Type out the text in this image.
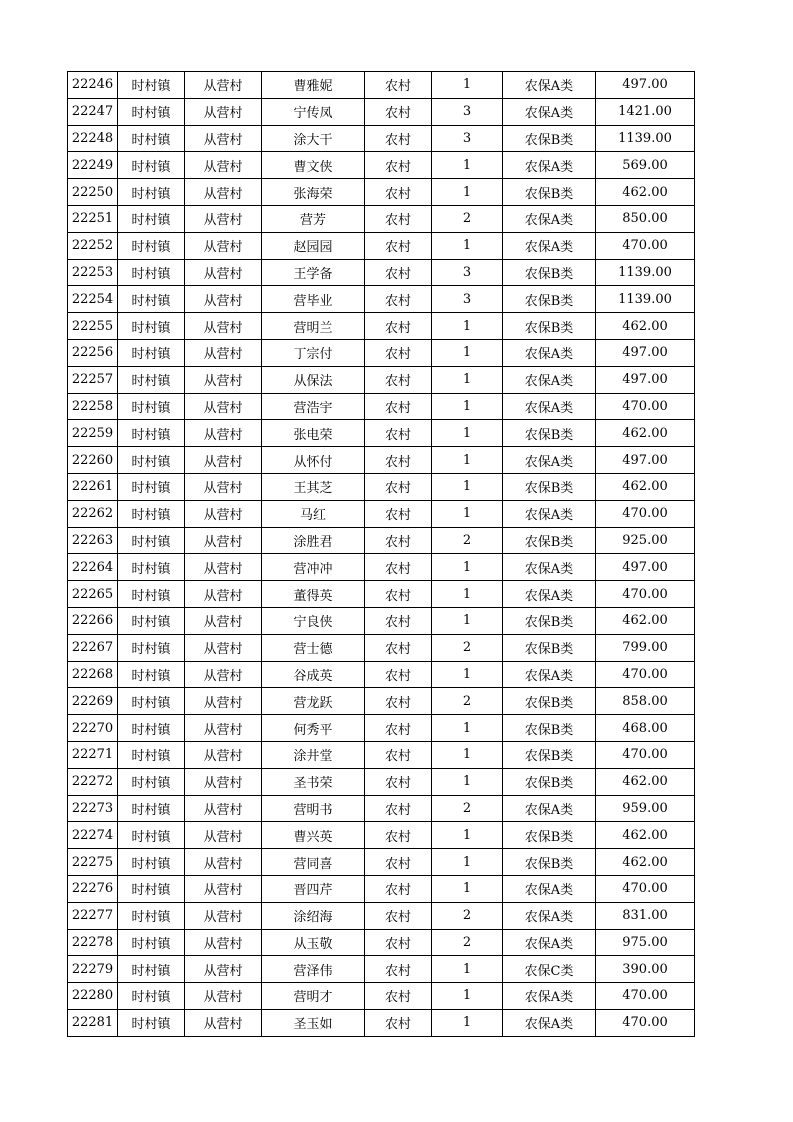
22246	时村镇	从营村	曹雅妮	农村	1	农保A类	497.00
22247	时村镇	从营村	宁传凤	农村	3	农保A类	1421.00
22248	时村镇	从营村	涂大干	农村	3	农保B类	1139.00
22249	时村镇	从营村	曹文侠	农村	1	农保A类	569.00
22250	时村镇	从营村	张海荣	农村	1	农保B类	462.00
22251	时村镇	从营村	营芳	农村	2	农保A类	850.00
22252	时村镇	从营村	赵园园	农村	1	农保A类	470.00
22253	时村镇	从营村	王学备	农村	3	农保B类	1139.00
22254	时村镇	从营村	营毕业	农村	3	农保B类	1139.00
22255	时村镇	从营村	营明兰	农村	1	农保B类	462.00
22256	时村镇	从营村	丁宗付	农村	1	农保A类	497.00
22257	时村镇	从营村	从保法	农村	1	农保A类	497.00
22258	时村镇	从营村	营浩宇	农村	1	农保A类	470.00
22259	时村镇	从营村	张电荣	农村	1	农保B类	462.00
22260	时村镇	从营村	从怀付	农村	1	农保A类	497.00
22261	时村镇	从营村	王其芝	农村	1	农保B类	462.00
22262	时村镇	从营村	马红	农村	1	农保A类	470.00
22263	时村镇	从营村	涂胜君	农村	2	农保B类	925.00
22264	时村镇	从营村	营冲冲	农村	1	农保A类	497.00
22265	时村镇	从营村	董得英	农村	1	农保A类	470.00
22266	时村镇	从营村	宁良侠	农村	1	农保B类	462.00
22267	时村镇	从营村	营士德	农村	2	农保B类	799.00
22268	时村镇	从营村	谷成英	农村	1	农保A类	470.00
22269	时村镇	从营村	营龙跃	农村	2	农保B类	858.00
22270	时村镇	从营村	何秀平	农村	1	农保B类	468.00
22271	时村镇	从营村	涂井堂	农村	1	农保B类	470.00
22272	时村镇	从营村	圣书荣	农村	1	农保B类	462.00
22273	时村镇	从营村	营明书	农村	2	农保A类	959.00
22274	时村镇	从营村	曹兴英	农村	1	农保B类	462.00
22275	时村镇	从营村	营同喜	农村	1	农保B类	462.00
22276	时村镇	从营村	晋四芹	农村	1	农保A类	470.00
22277	时村镇	从营村	涂绍海	农村	2	农保A类	831.00
22278	时村镇	从营村	从玉敬	农村	2	农保A类	975.00
22279	时村镇	从营村	营泽伟	农村	1	农保C类	390.00
22280	时村镇	从营村	营明才	农村	1	农保A类	470.00
22281	时村镇	从营村	圣玉如	农村	1	农保A类	470.00
